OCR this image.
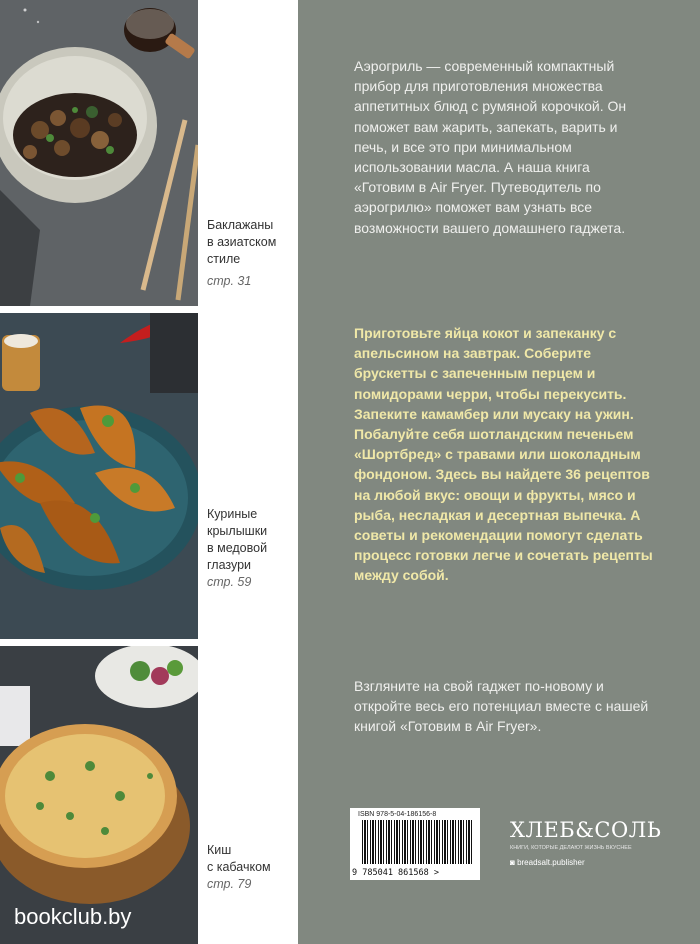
bookclub.by
Баклажаны
в азиатском
стиле
стр. 31
Куриные
крылышки
в медовой
глазури
стр. 59
Киш
с кабачком
стр. 79
Аэрогриль — современный компактный прибор для приготовления множества аппетитных блюд с румяной корочкой. Он поможет вам жарить, запекать, варить и печь, и все это при минимальном использовании масла. А наша книга «Готовим в Air Fryer. Путеводитель по аэрогрилю» поможет вам узнать все возможности вашего домашнего гаджета.
Приготовьте яйца кокот и запеканку с апельсином на завтрак. Соберите брускетты с запеченным перцем и помидорами черри, чтобы перекусить. Запеките камамбер или мусаку на ужин. Побалуйте себя шотландским печеньем «Шортбред» с травами или шоколадным фондоном. Здесь вы найдете 36 рецептов на любой вкус: овощи и фрукты, мясо и рыба, несладкая и десертная выпечка. А советы и рекомендации помогут сделать процесс готовки легче и сочетать рецепты между собой.
Взгляните на свой гаджет по-новому и откройте весь его потенциал вместе с нашей книгой «Готовим в Air Fryer».
ISBN 978-5-04-186156-8
9 785041 861568 >
ХЛЕБ&СОЛЬ
КНИГИ, КОТОРЫЕ ДЕЛАЮТ ЖИЗНЬ ВКУСНЕЕ
◙ breadsalt.publisher
